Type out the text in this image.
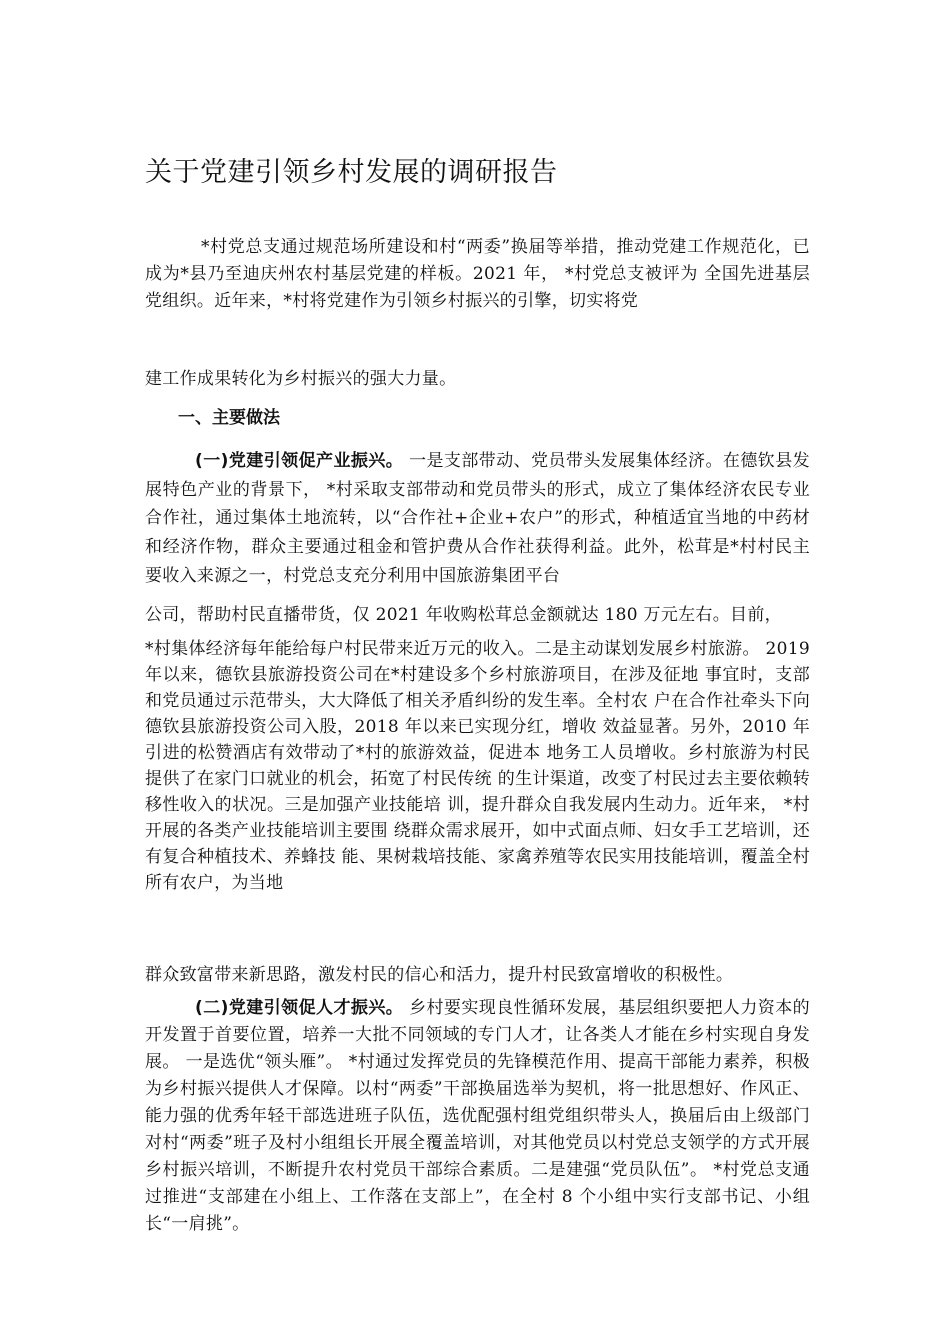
关于党建引领乡村发展的调研报告

*村党总支通过规范场所建设和村“两委”换届等举措，推动党建工作规范化，已成为*县乃至迪庆州农村基层党建的样板。2021 年， *村党总支被评为 全国先进基层党组织。近年来，*村将党建作为引领乡村振兴的引擎，切实将党

建工作成果转化为乡村振兴的强大力量。

一、主要做法

(一)党建引领促产业振兴。 一是支部带动、党员带头发展集体经济。在德钦县发展特色产业的背景下， *村采取支部带动和党员带头的形式，成立了集体经济农民专业合作社，通过集体土地流转，以“合作社+企业+农户”的形式，种植适宜当地的中药材和经济作物，群众主要通过租金和管护费从合作社获得利益。此外，松茸是*村村民主要收入来源之一，村党总支充分利用中国旅游集团平台

公司，帮助村民直播带货，仅 2021 年收购松茸总金额就达 180 万元左右。目前，

*村集体经济每年能给每户村民带来近万元的收入。二是主动谋划发展乡村旅游。 2019 年以来，德钦县旅游投资公司在*村建设多个乡村旅游项目，在涉及征地 事宜时，支部和党员通过示范带头，大大降低了相关矛盾纠纷的发生率。全村农 户在合作社牵头下向德钦县旅游投资公司入股，2018 年以来已实现分红，增收 效益显著。另外，2010 年引进的松赞酒店有效带动了*村的旅游效益，促进本 地务工人员增收。乡村旅游为村民提供了在家门口就业的机会，拓宽了村民传统 的生计渠道，改变了村民过去主要依赖转移性收入的状况。三是加强产业技能培 训，提升群众自我发展内生动力。近年来， *村开展的各类产业技能培训主要围 绕群众需求展开，如中式面点师、妇女手工艺培训，还有复合种植技术、养蜂技 能、果树栽培技能、家禽养殖等农民实用技能培训，覆盖全村所有农户，为当地

群众致富带来新思路，激发村民的信心和活力，提升村民致富增收的积极性。

(二)党建引领促人才振兴。 乡村要实现良性循环发展，基层组织要把人力资本的开发置于首要位置，培养一大批不同领域的专门人才，让各类人才能在乡村实现自身发展。 一是选优“领头雁”。 *村通过发挥党员的先锋模范作用、提高干部能力素养，积极为乡村振兴提供人才保障。以村“两委”干部换届选举为契机，将一批思想好、作风正、能力强的优秀年轻干部选进班子队伍，选优配强村组党组织带头人，换届后由上级部门对村“两委”班子及村小组组长开展全覆盖培训，对其他党员以村党总支领学的方式开展乡村振兴培训，不断提升农村党员干部综合素质。二是建强“党员队伍”。 *村党总支通过推进“支部建在小组上、工作落在支部上”，在全村 8 个小组中实行支部书记、小组长“一肩挑”。
